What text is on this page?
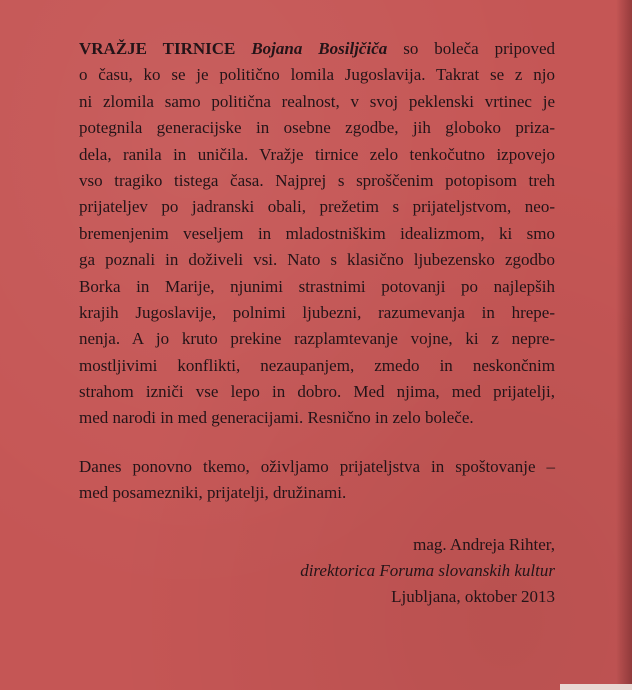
VRAŽJE TIRNICE Bojana Bosiljčiča so boleča pripoved
o času, ko se je politično lomila Jugoslavija. Takrat se z njo
ni zlomila samo politična realnost, v svoj peklenski vrtinec je
potegnila generacijske in osebne zgodbe, jih globoko priza-
dela, ranila in uničila. Vražje tirnice zelo tenkočutno izpovejo
vso tragiko tistega časa. Najprej s sproščenim potopisom treh
prijateljev po jadranski obali, prežetim s prijateljstvom, neo-
bremenjenim veseljem in mladostniškim idealizmom, ki smo
ga poznali in doživeli vsi. Nato s klasično ljubezensko zgodbo
Borka in Marije, njunimi strastnimi potovanji po najlepših
krajih Jugoslavije, polnimi ljubezni, razumevanja in hrepe-
nenja. A jo kruto prekine razplamtevanje vojne, ki z nepre-
mostljivimi konflikti, nezaupanjem, zmedo in neskončnim
strahom izniči vse lepo in dobro. Med njima, med prijatelji,
med narodi in med generacijami. Resnično in zelo boleče.
Danes ponovno tkemo, oživljamo prijateljstva in spoštovanje –
med posamezniki, prijatelji, družinami.
mag. Andreja Rihter,
direktorica Foruma slovanskih kultur
Ljubljana, oktober 2013
